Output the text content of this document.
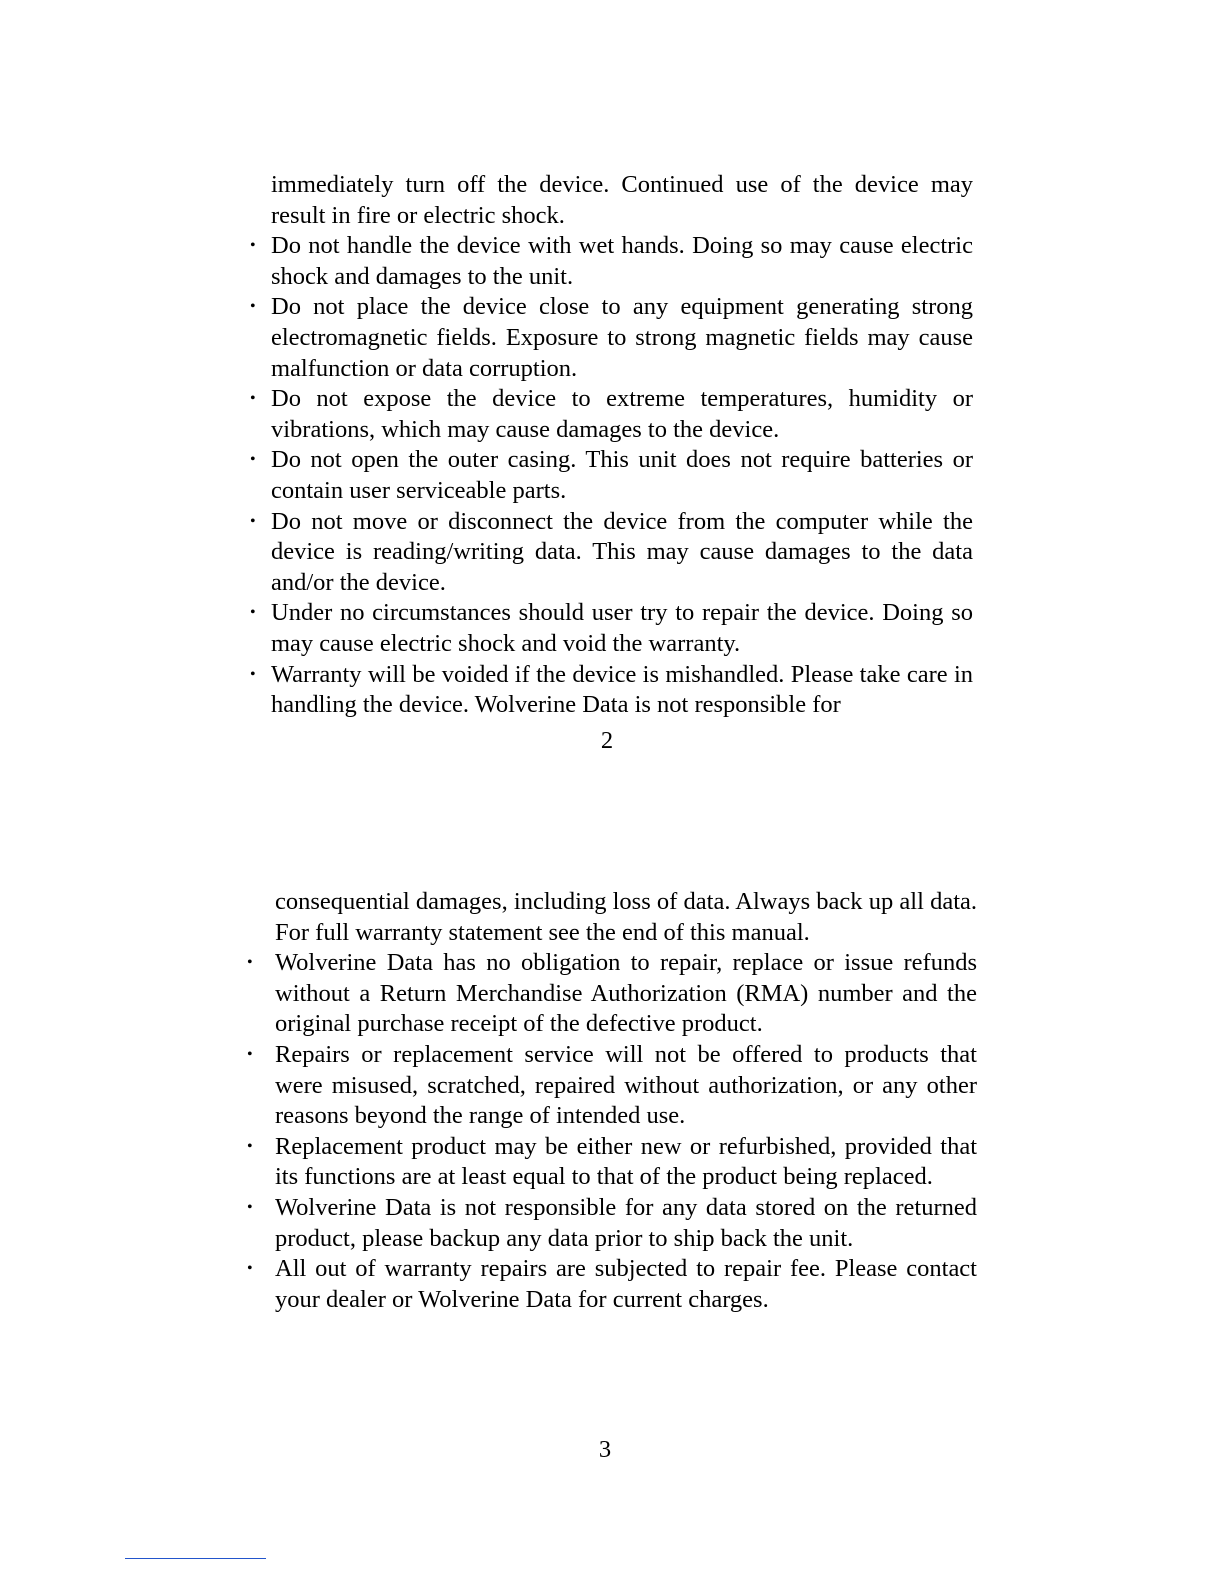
immediately turn off the device. Continued use of the device may result in fire or electric shock.

• Do not handle the device with wet hands. Doing so may cause electric shock and damages to the unit.
• Do not place the device close to any equipment generating strong electromagnetic fields. Exposure to strong magnetic fields may cause malfunction or data corruption.
• Do not expose the device to extreme temperatures, humidity or vibrations, which may cause damages to the device.
• Do not open the outer casing. This unit does not require batteries or contain user serviceable parts.
• Do not move or disconnect the device from the computer while the device is reading/writing data. This may cause damages to the data and/or the device.
• Under no circumstances should user try to repair the device. Doing so may cause electric shock and void the warranty.
• Warranty will be voided if the device is mishandled. Please take care in handling the device. Wolverine Data is not responsible for

2

consequential damages, including loss of data. Always back up all data. For full warranty statement see the end of this manual.

• Wolverine Data has no obligation to repair, replace or issue refunds without a Return Merchandise Authorization (RMA) number and the original purchase receipt of the defective product.
• Repairs or replacement service will not be offered to products that were misused, scratched, repaired without authorization, or any other reasons beyond the range of intended use.
• Replacement product may be either new or refurbished, provided that its functions are at least equal to that of the product being replaced.
• Wolverine Data is not responsible for any data stored on the returned product, please backup any data prior to ship back the unit.
• All out of warranty repairs are subjected to repair fee. Please contact your dealer or Wolverine Data for current charges.

3
